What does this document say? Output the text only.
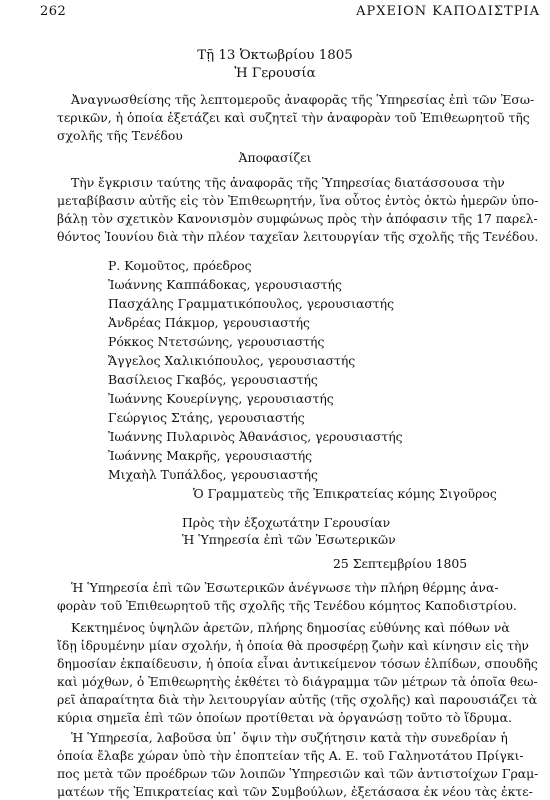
262	ΑΡΧΕΙΟΝ ΚΑΠΟΔΙΣΤΡΙΑ
Τῇ 13 Ὀκτωβρίου 1805
Ἡ Γερουσία
Ἀναγνωσθείσης τῆς λεπτομεροῦς ἀναφορᾶς τῆς Ὑπηρεσίας ἐπὶ τῶν Ἐσω-
τερικῶν, ἡ ὁποία ἐξετάζει καὶ συζητεῖ τὴν ἀναφορὰν τοῦ Ἐπιθεωρητοῦ τῆς
σχολῆς τῆς Τενέδου
Ἀποφασίζει
Τὴν ἔγκρισιν ταύτης τῆς ἀναφορᾶς τῆς Ὑπηρεσίας διατάσσουσα τὴν
μεταβίβασιν αὐτῆς εἰς τὸν Ἐπιθεωρητήν, ἵνα οὗτος ἐντὸς ὀκτὼ ἡμερῶν ὑπο-
βάλῃ τὸν σχετικὸν Κανονισμὸν συμφώνως πρὸς τὴν ἀπόφασιν τῆς 17 παρελ-
θόντος Ἰουνίου διὰ τὴν πλέον ταχεῖαν λειτουργίαν τῆς σχολῆς τῆς Τενέδου.
Ρ. Κομοῦτος, πρόεδρος
Ἰωάννης Καππάδοκας, γερουσιαστής
Πασχάλης Γραμματικόπουλος, γερουσιαστής
Ἀνδρέας Πάκμορ, γερουσιαστής
Ρόκκος Ντετσώνης, γερουσιαστής
Ἄγγελος Χαλικιόπουλος, γερουσιαστής
Βασίλειος Γκαβός, γερουσιαστής
Ἰωάννης Κουερίνγης, γερουσιαστής
Γεώργιος Στάης, γερουσιαστής
Ἰωάννης Πυλαρινὸς Ἀθανάσιος, γερουσιαστής
Ἰωάννης Μακρῆς, γερουσιαστής
Μιχαὴλ Τυπάλδος, γερουσιαστής
Ὁ Γραμματεὺς τῆς Ἐπικρατείας κόμης Σιγοῦρος
Πρὸς τὴν ἐξοχωτάτην Γερουσίαν
Ἡ Ὑπηρεσία ἐπὶ τῶν Ἐσωτερικῶν
25 Σεπτεμβρίου 1805
Ἡ Ὑπηρεσία ἐπὶ τῶν Ἐσωτερικῶν ἀνέγνωσε τὴν πλήρη θέρμης ἀνα-
φορὰν τοῦ Ἐπιθεωρητοῦ τῆς σχολῆς τῆς Τενέδου κόμητος Καποδιστρίου.
Κεκτημένος ὑψηλῶν ἀρετῶν, πλήρης δημοσίας εὐθύνης καὶ πόθων νὰ
ἴδῃ ἱδρυμένην μίαν σχολήν, ἡ ὁποία θὰ προσφέρῃ ζωὴν καὶ κίνησιν εἰς τὴν
δημοσίαν ἐκπαίδευσιν, ἡ ὁποία εἶναι ἀντικείμενον τόσων ἐλπίδων, σπουδῆς
καὶ μόχθων, ὁ Ἐπιθεωρητὴς ἐκθέτει τὸ διάγραμμα τῶν μέτρων τὰ ὁποῖα θεω-
ρεῖ ἀπαραίτητα διὰ τὴν λειτουργίαν αὐτῆς (τῆς σχολῆς) καὶ παρουσιάζει τὰ
κύρια σημεῖα ἐπὶ τῶν ὁποίων προτίθεται νὰ ὀργανώσῃ τοῦτο τὸ ἵδρυμα.
Ἡ Ὑπηρεσία, λαβοῦσα ὑπ᾿ ὄψιν τὴν συζήτησιν κατὰ τὴν συνεδρίαν ἡ
ὁποία ἔλαβε χώραν ὑπὸ τὴν ἐποπτείαν τῆς Α. Ε. τοῦ Γαληνοτάτου Πρίγκι-
πος μετὰ τῶν προέδρων τῶν λοιπῶν Ὑπηρεσιῶν καὶ τῶν ἀντιστοίχων Γραμ-
ματέων τῆς Ἐπικρατείας καὶ τῶν Συμβούλων, ἐξετάσασα ἐκ νέου τὰς ἐκτε-
